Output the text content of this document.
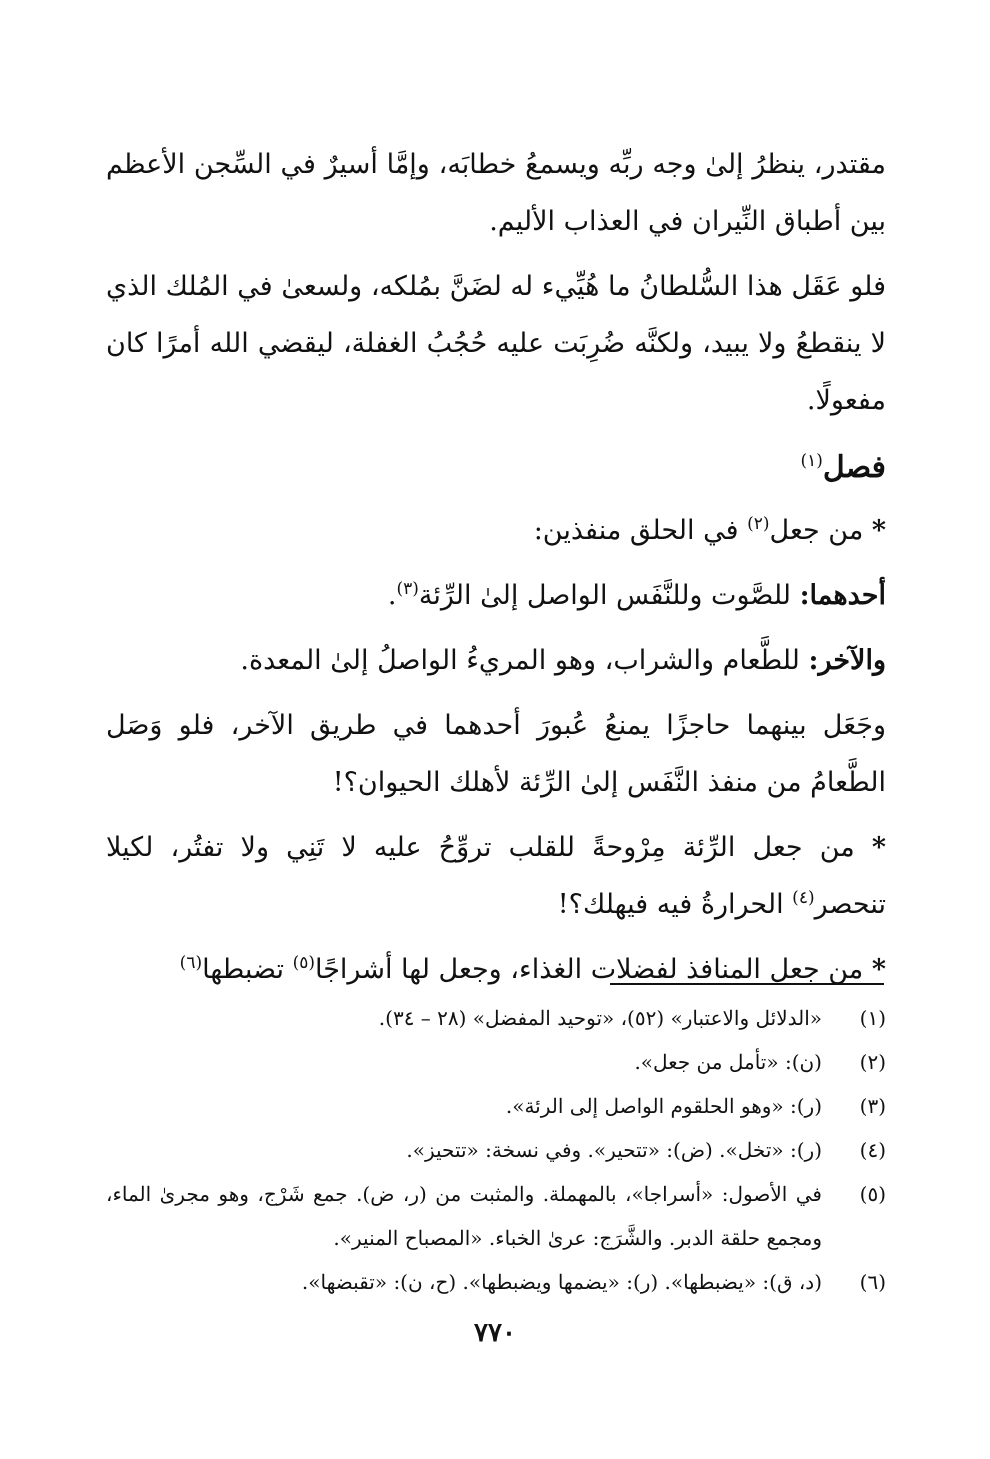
مقتدر، ينظرُ إلىٰ وجه ربِّه ويسمعُ خطابَه، وإمَّا أسيرٌ في السِّجن الأعظم بين أطباق النِّيران في العذاب الأليم.

فلو عَقَل هذا السُّلطانُ ما هُيِّيء له لضَنَّ بمُلكه، ولسعىٰ في المُلك الذي لا ينقطعُ ولا يبيد، ولكنَّه ضُرِبَت عليه حُجُبُ الغفلة، ليقضي الله أمرًا كان مفعولًا.

فصل$^{(١)}$

* من جعل$^{(٢)}$ في الحلق منفذين:

أحدهما: للصَّوت وللنَّفَس الواصل إلىٰ الرِّئة$^{(٣)}$.

والآخر: للطَّعام والشراب، وهو المريءُ الواصلُ إلىٰ المعدة.

وجَعَل بينهما حاجزًا يمنعُ عُبورَ أحدهما في طريق الآخر، فلو وَصَل الطَّعامُ من منفذ النَّفَس إلىٰ الرِّئة لأهلك الحيوان؟!

* من جعل الرِّئة مِرْوحةً للقلب تروِّحُ عليه لا تَنِي ولا تفتُر، لكيلا تنحصر$^{(٤)}$ الحرارةُ فيه فيهلك؟!

* من جعل المنافذ لفضلات الغذاء، وجعل لها أشراجًا$^{(٥)}$ تضبطها$^{(٦)}$

(١)
«الدلائل والاعتبار» (٥٢)، «توحيد المفضل» (٢٨ – ٣٤).
(٢)
(ن): «تأمل من جعل».
(٣)
(ر): «وهو الحلقوم الواصل إلى الرئة».
(٤)
(ر): «تخل». (ض): «تتحير». وفي نسخة: «تتحيز».
(٥)
في الأصول: «أسراجا»، بالمهملة. والمثبت من (ر، ض). جمع شَرْج، وهو مجرىٰ الماء، ومجمع حلقة الدبر. والشَّرَج: عرىٰ الخباء. «المصباح المنير».
(٦)
(د، ق): «يضبطها». (ر): «يضمها ويضبطها». (ح، ن): «تقبضها».
٧٧٠
